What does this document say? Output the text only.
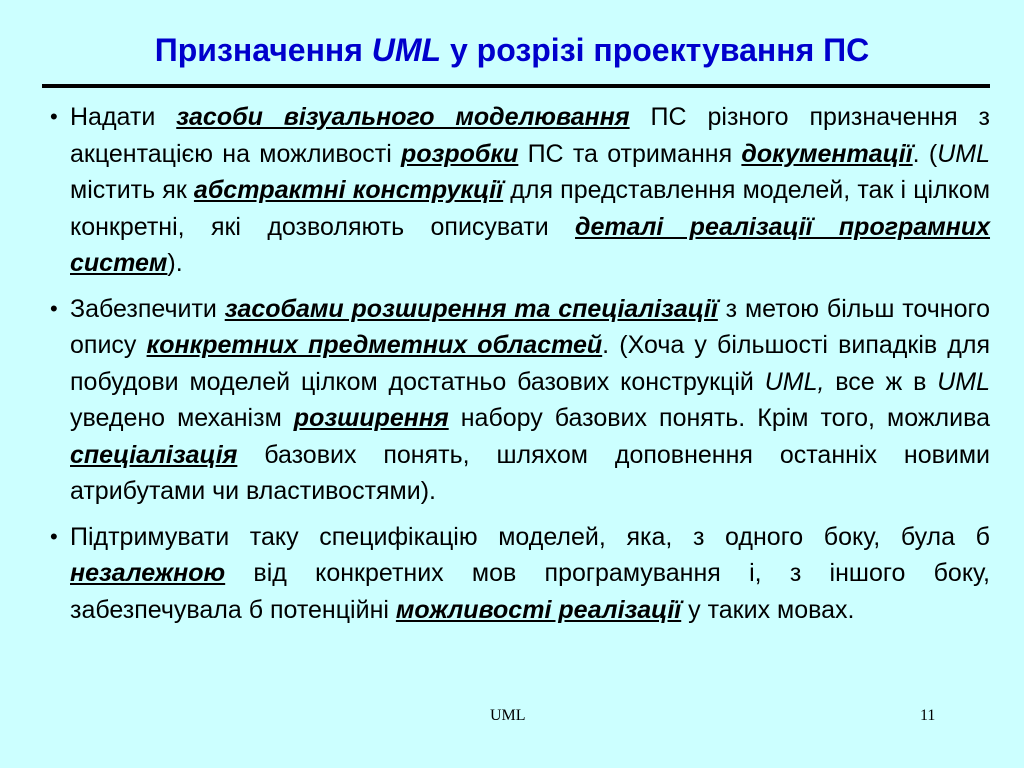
Призначення UML у розрізі проектування ПС
• Надати засоби візуального моделювання ПС різного призначення з акцентацією на можливості розробки ПС та отримання документації. (UML містить як абстрактні конструкції для представлення моделей, так і цілком конкретні, які дозволяють описувати деталі реалізації програмних систем).
• Забезпечити засобами розширення та спеціалізації з метою більш точного опису конкретних предметних областей. (Хоча у більшості випадків для побудови моделей цілком достатньо базових конструкцій UML, все ж в UML уведено механізм розширення набору базових понять. Крім того, можлива спеціалізація базових понять, шляхом доповнення останніх новими атрибутами чи властивостями).
• Підтримувати таку специфікацію моделей, яка, з одного боку, була б незалежною від конкретних мов програмування і, з іншого боку, забезпечувала б потенційні можливості реалізації у таких мовах.
UML	11
